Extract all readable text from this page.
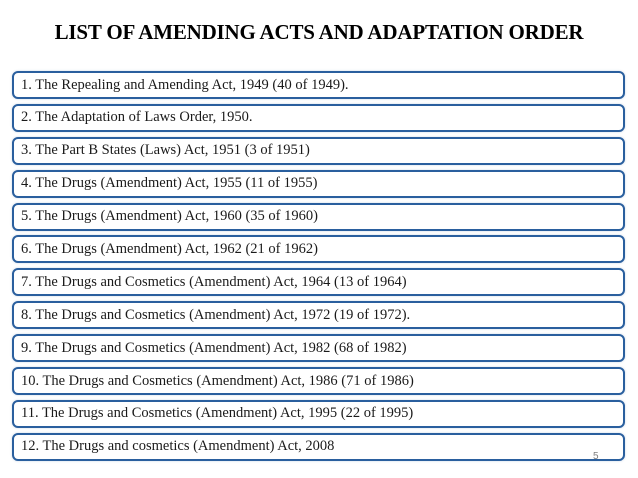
LIST OF AMENDING ACTS AND ADAPTATION ORDER
1. The Repealing and Amending Act, 1949 (40 of 1949).
2. The Adaptation of Laws Order, 1950.
3. The Part B States (Laws) Act, 1951 (3 of 1951)
4. The Drugs (Amendment) Act, 1955 (11 of 1955)
5. The Drugs (Amendment) Act, 1960 (35 of 1960)
6. The Drugs (Amendment) Act, 1962 (21 of 1962)
7. The Drugs and Cosmetics (Amendment) Act, 1964 (13 of 1964)
8. The Drugs and Cosmetics (Amendment) Act, 1972 (19 of 1972).
9. The Drugs and Cosmetics (Amendment) Act, 1982 (68 of 1982)
10. The Drugs and Cosmetics (Amendment) Act, 1986 (71 of 1986)
11. The Drugs and Cosmetics (Amendment) Act, 1995 (22 of 1995)
12. The Drugs and cosmetics (Amendment) Act, 2008
5
